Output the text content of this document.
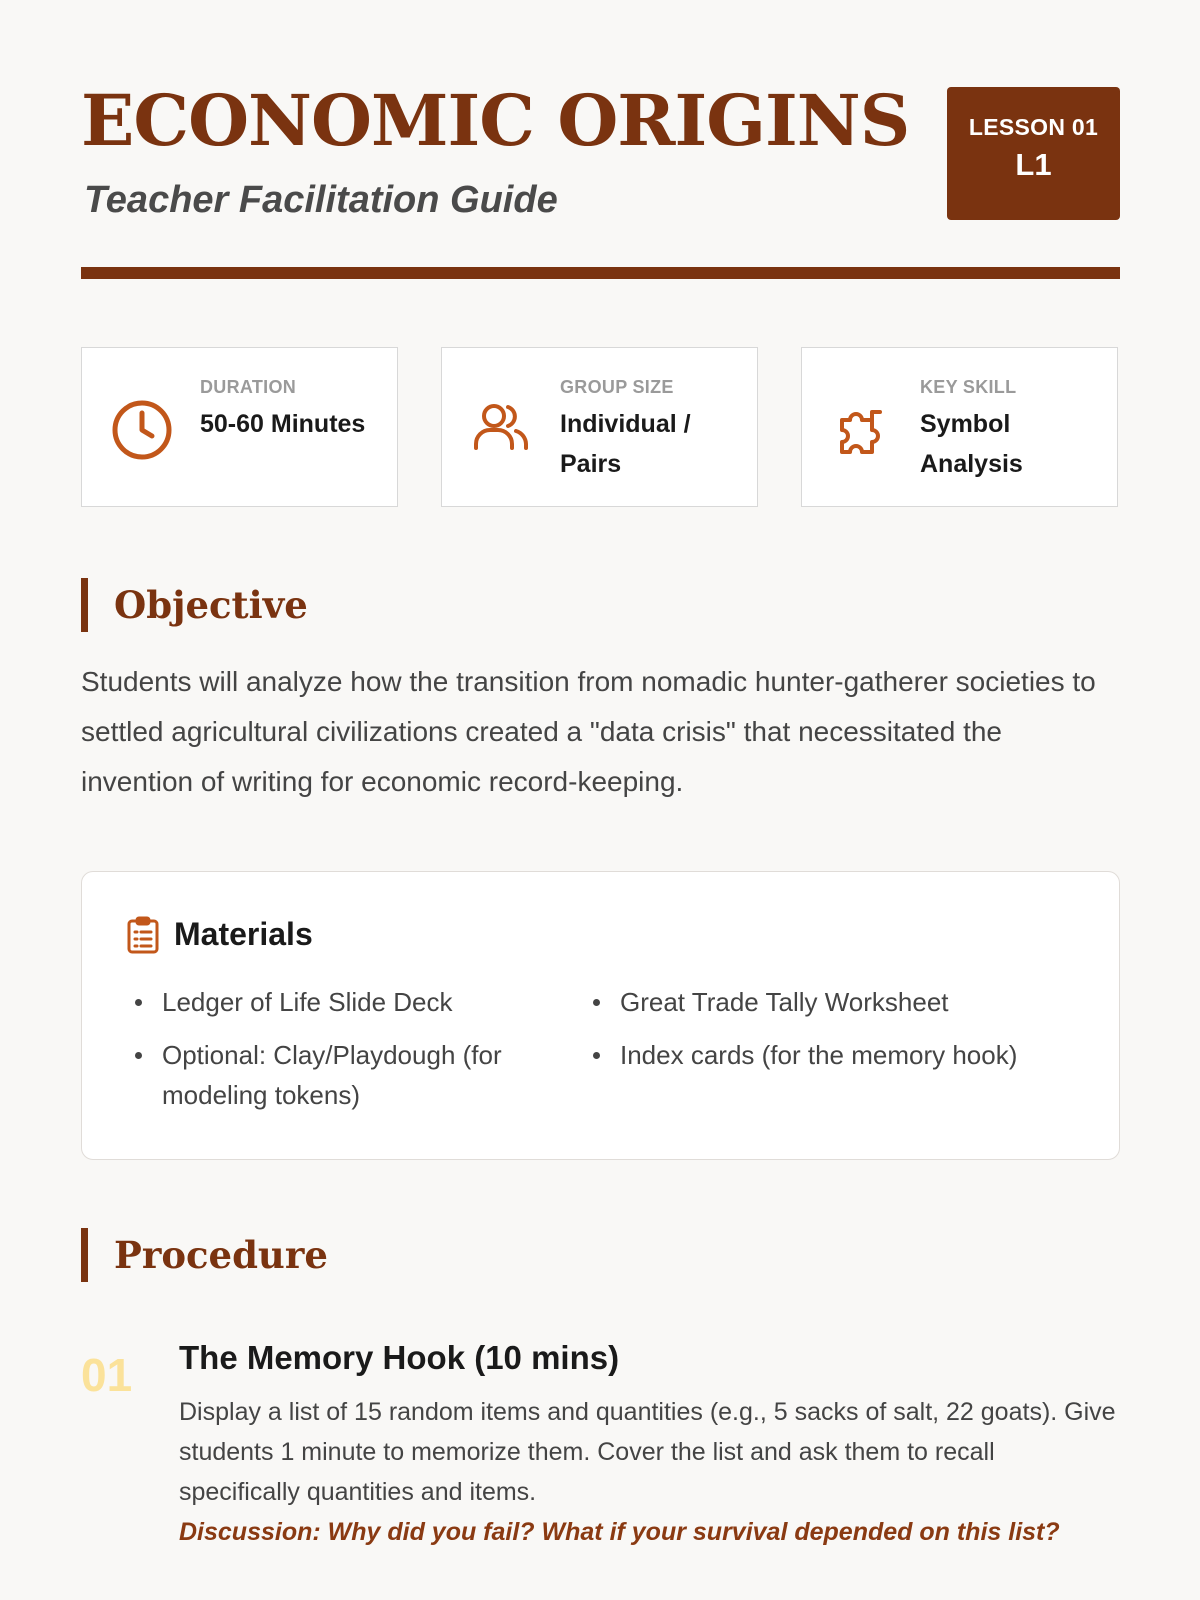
ECONOMIC ORIGINS

Teacher Facilitation Guide

LESSON 01
L1
DURATION
50-60 Minutes
GROUP SIZE
Individual / Pairs
KEY SKILL
Symbol Analysis
Objective

Students will analyze how the transition from nomadic hunter-gatherer societies to settled agricultural civilizations created a "data crisis" that necessitated the invention of writing for economic record-keeping.

Materials
Ledger of Life Slide Deck
Optional: Clay/Playdough (for modeling tokens)
Great Trade Tally Worksheet
Index cards (for the memory hook)
Procedure
01 The Memory Hook (10 mins)

Display a list of 15 random items and quantities (e.g., 5 sacks of salt, 22 goats). Give students 1 minute to memorize them. Cover the list and ask them to recall specifically quantities and items.

Discussion: Why did you fail? What if your survival depended on this list?
